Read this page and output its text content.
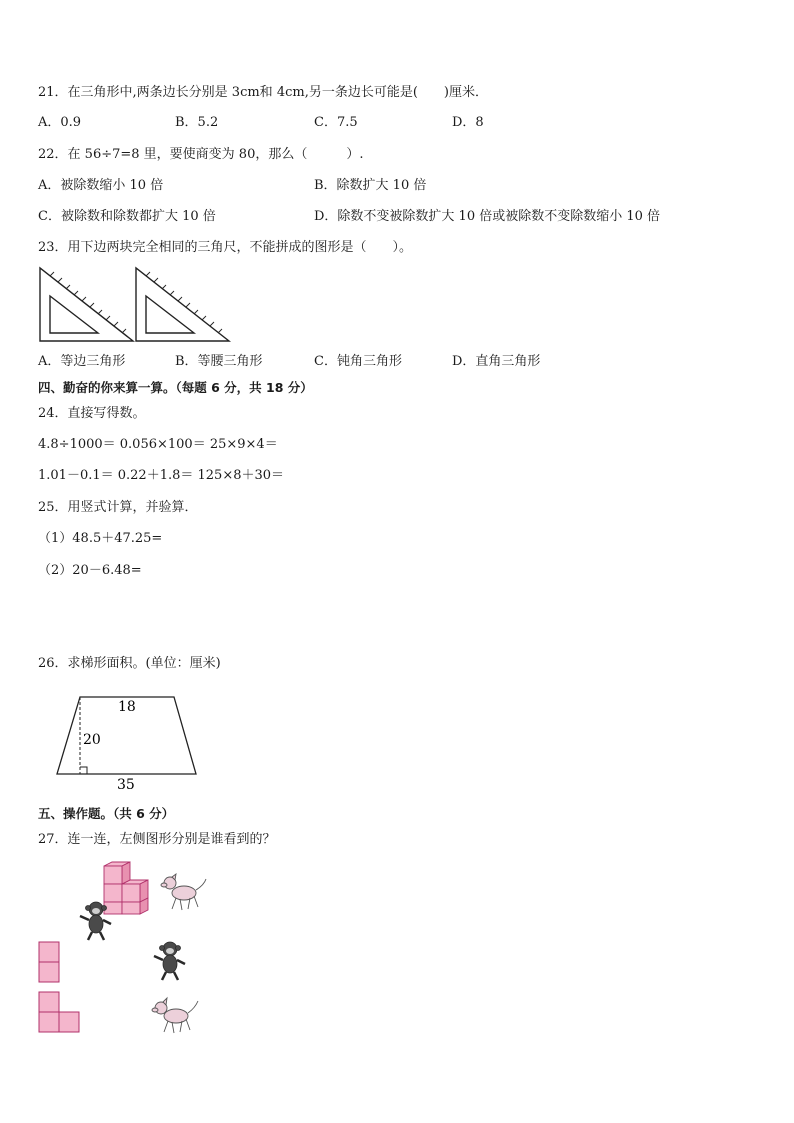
21．在三角形中,两条边长分别是 3cm和 4cm,另一条边长可能是(　　)厘米．
A．0.9	B．5.2	C．7.5	D．8
22．在 56÷7=8 里，要使商变为 80，那么（　　　）.
A．被除数缩小 10 倍	B．除数扩大 10 倍
C．被除数和除数都扩大 10 倍	D．除数不变被除数扩大 10 倍或被除数不变除数缩小 10 倍
23．用下边两块完全相同的三角尺，不能拼成的图形是（　　）。
A．等边三角形	B．等腰三角形	C．钝角三角形	D．直角三角形
四、勤奋的你来算一算。（每题 6 分，共 18 分）
24．直接写得数。
4.8÷1000＝ 0.056×100＝ 25×9×4＝
1.01－0.1＝ 0.22＋1.8＝ 125×8＋30＝
25．用竖式计算，并验算．
（1）48.5＋47.25=
（2）20－6.48=
26．求梯形面积。(单位：厘米)
18
20
35
五、操作题。（共 6 分）
27．连一连，左侧图形分别是谁看到的？
